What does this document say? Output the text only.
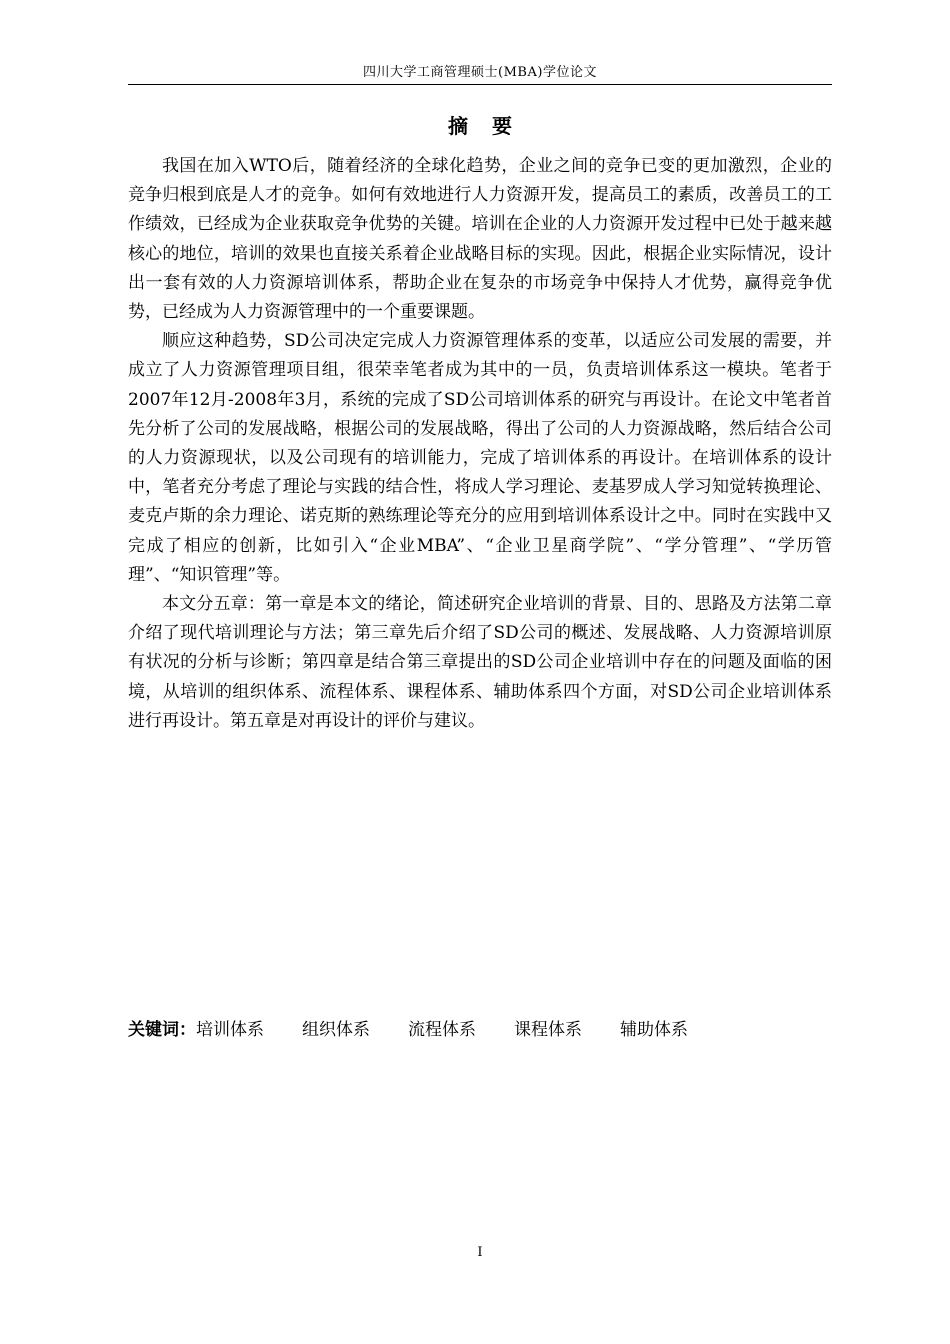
四川大学工商管理硕士(MBA)学位论文
摘要

我国在加入WTO后，随着经济的全球化趋势，企业之间的竞争已变的更加激烈，企业的竞争归根到底是人才的竞争。如何有效地进行人力资源开发，提高员工的素质，改善员工的工作绩效，已经成为企业获取竞争优势的关键。培训在企业的人力资源开发过程中已处于越来越核心的地位，培训的效果也直接关系着企业战略目标的实现。因此，根据企业实际情况，设计出一套有效的人力资源培训体系，帮助企业在复杂的市场竞争中保持人才优势，赢得竞争优势，已经成为人力资源管理中的一个重要课题。

顺应这种趋势，SD公司决定完成人力资源管理体系的变革，以适应公司发展的需要，并成立了人力资源管理项目组，很荣幸笔者成为其中的一员，负责培训体系这一模块。笔者于2007年12月-2008年3月，系统的完成了SD公司培训体系的研究与再设计。在论文中笔者首先分析了公司的发展战略，根据公司的发展战略，得出了公司的人力资源战略，然后结合公司的人力资源现状，以及公司现有的培训能力，完成了培训体系的再设计。在培训体系的设计中，笔者充分考虑了理论与实践的结合性，将成人学习理论、麦基罗成人学习知觉转换理论、麦克卢斯的余力理论、诺克斯的熟练理论等充分的应用到培训体系设计之中。同时在实践中又完成了相应的创新，比如引入“企业MBA”、“企业卫星商学院”、“学分管理”、“学历管理”、“知识管理”等。

本文分五章：第一章是本文的绪论，简述研究企业培训的背景、目的、思路及方法第二章介绍了现代培训理论与方法；第三章先后介绍了SD公司的概述、发展战略、人力资源培训原有状况的分析与诊断；第四章是结合第三章提出的SD公司企业培训中存在的问题及面临的困境，从培训的组织体系、流程体系、课程体系、辅助体系四个方面，对SD公司企业培训体系进行再设计。第五章是对再设计的评价与建议。

关键词：培训体系 组织体系 流程体系 课程体系 辅助体系
I
